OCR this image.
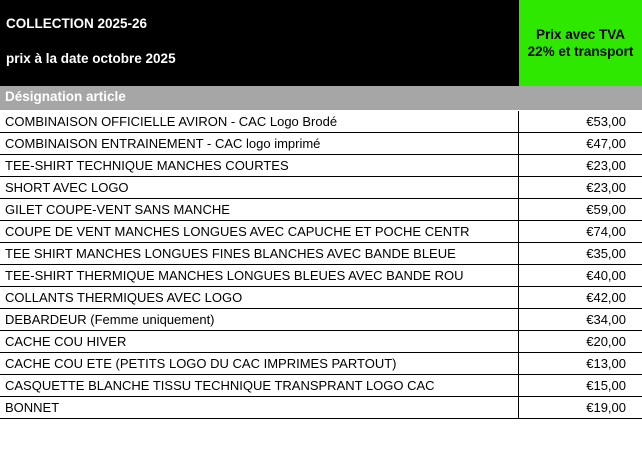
COLLECTION 2025-26
prix à la date octobre 2025
Prix avec TVA 22% et transport
Désignation article
COMBINAISON OFFICIELLE AVIRON - CAC Logo Brodé	€53,00
COMBINAISON ENTRAINEMENT - CAC logo imprimé	€47,00
TEE-SHIRT TECHNIQUE MANCHES COURTES	€23,00
SHORT AVEC LOGO	€23,00
GILET COUPE-VENT SANS MANCHE	€59,00
COUPE DE VENT MANCHES LONGUES AVEC CAPUCHE ET POCHE CENTR	€74,00
TEE SHIRT MANCHES LONGUES FINES BLANCHES AVEC BANDE BLEUE	€35,00
TEE-SHIRT THERMIQUE MANCHES LONGUES BLEUES AVEC BANDE ROU	€40,00
COLLANTS THERMIQUES AVEC LOGO	€42,00
DEBARDEUR (Femme uniquement)	€34,00
CACHE COU HIVER	€20,00
CACHE COU ETE (PETITS LOGO DU CAC IMPRIMES PARTOUT)	€13,00
CASQUETTE BLANCHE TISSU TECHNIQUE TRANSPRANT LOGO CAC	€15,00
BONNET	€19,00
